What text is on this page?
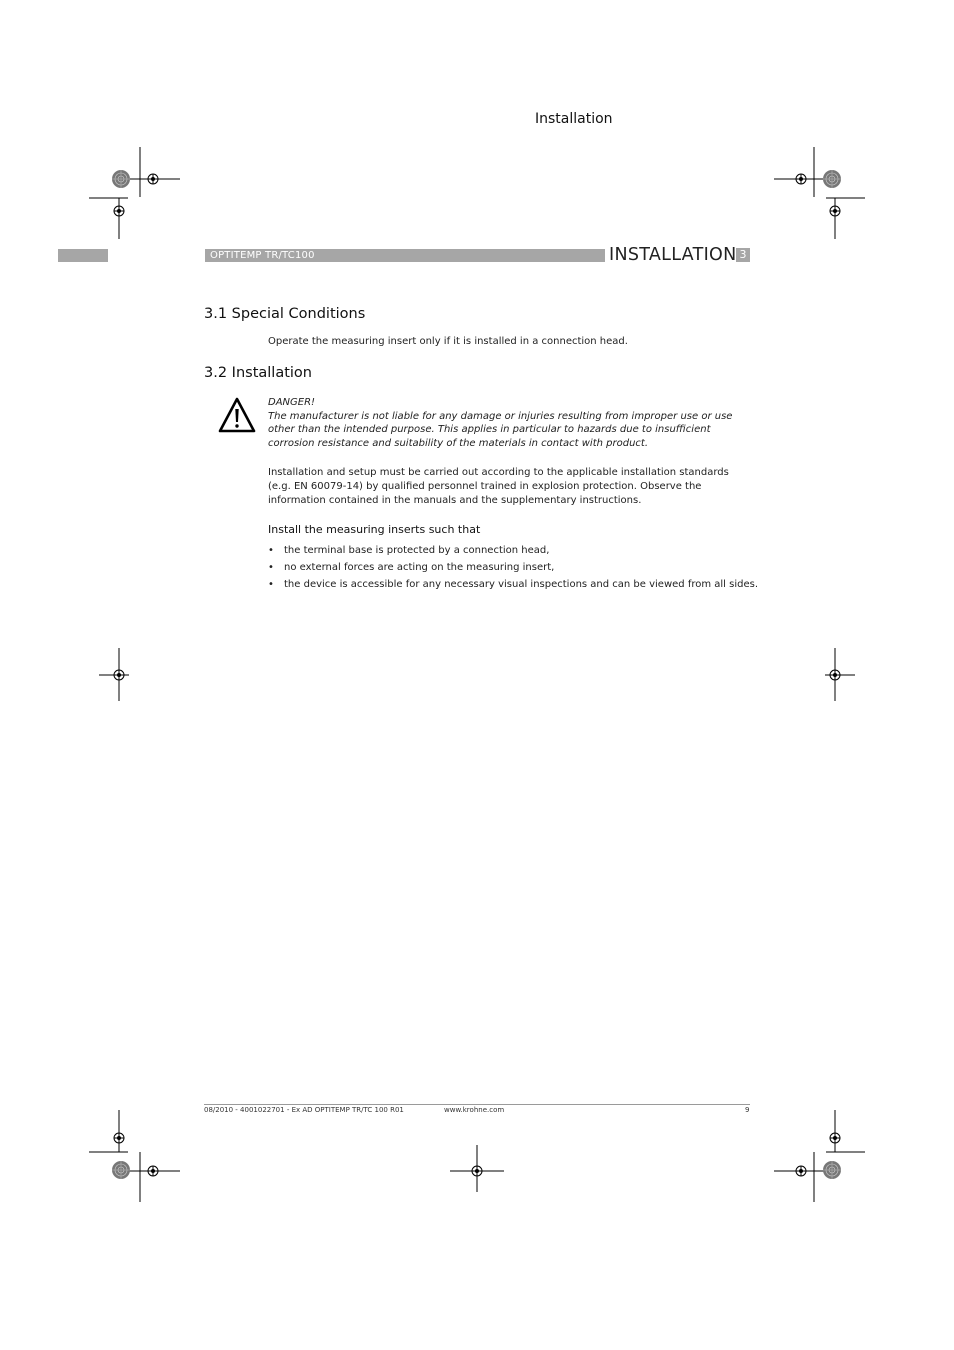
Installation
OPTITEMP TR/TC100	INSTALLATION 3
3.1 Special Conditions
Operate the measuring insert only if it is installed in a connection head.
3.2 Installation
DANGER!
The manufacturer is not liable for any damage or injuries resulting from improper use or use
other than the intended purpose. This applies in particular to hazards due to insufficient
corrosion resistance and suitability of the materials in contact with product.
Installation and setup must be carried out according to the applicable installation standards (e.g. EN 60079-14) by qualified personnel trained in explosion protection. Observe the information contained in the manuals and the supplementary instructions.
Install the measuring inserts such that
• the terminal base is protected by a connection head,
• no external forces are acting on the measuring insert,
• the device is accessible for any necessary visual inspections and can be viewed from all sides.
08/2010 - 4001022701 - Ex AD OPTITEMP TR/TC 100 R01	www.krohne.com	9
